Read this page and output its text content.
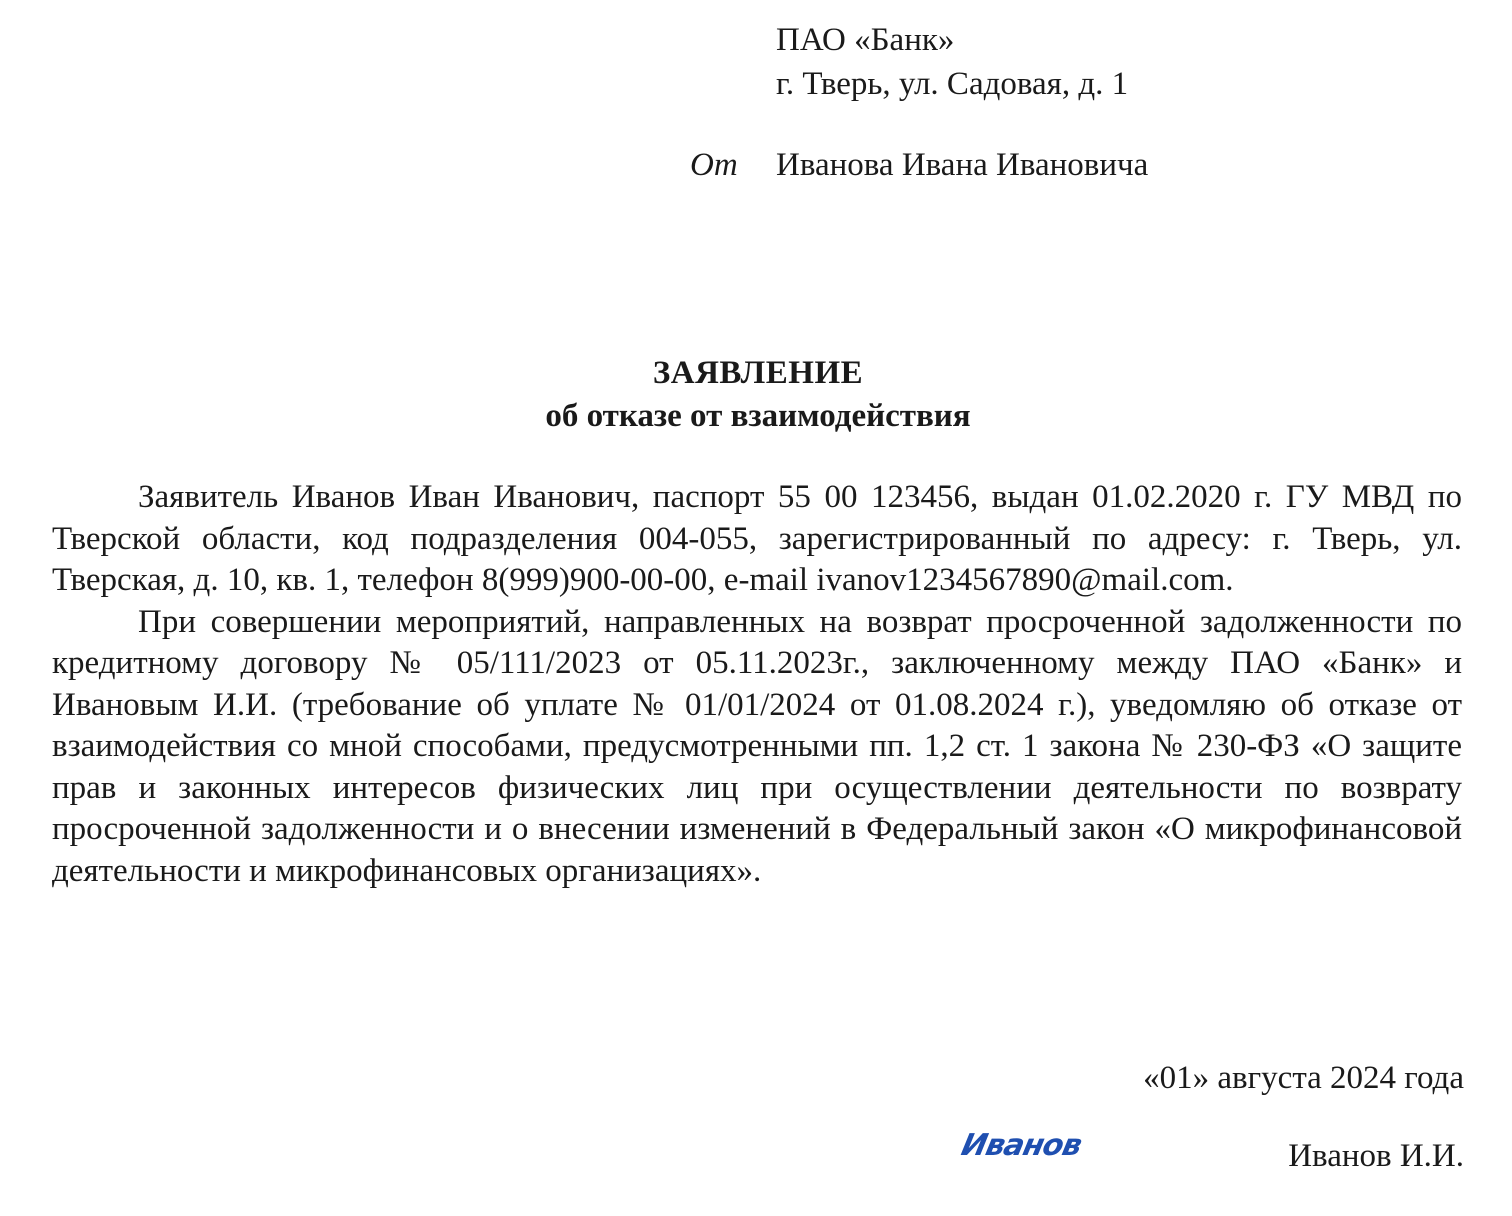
ПАО «Банк»
г. Тверь, ул. Садовая, д. 1
От Иванова Ивана Ивановича
ЗАЯВЛЕНИЕ
об отказе от взаимодействия

Заявитель Иванов Иван Иванович, паспорт 55 00 123456, выдан 01.02.2020 г. ГУ МВД по Тверской области, код подразделения 004-055, зарегистрированный по адресу: г. Тверь, ул. Тверская, д. 10, кв. 1, телефон 8(999)900-00-00, e-mail ivanov1234567890@mail.com.

При совершении мероприятий, направленных на возврат просроченной задолженности по кредитному договору № 05/111/2023 от 05.11.2023г., заключенному между ПАО «Банк» и Ивановым И.И. (требование об уплате № 01/01/2024 от 01.08.2024 г.), уведомляю об отказе от взаимодействия со мной способами, предусмотренными пп. 1,2 ст. 1 закона № 230-ФЗ «О защите прав и законных интересов физических лиц при осуществлении деятельности по возврату просроченной задолженности и о внесении изменений в Федеральный закон «О микрофинансовой деятельности и микрофинансовых организациях».

«01» августа 2024 года
Иванов	Иванов И.И.
